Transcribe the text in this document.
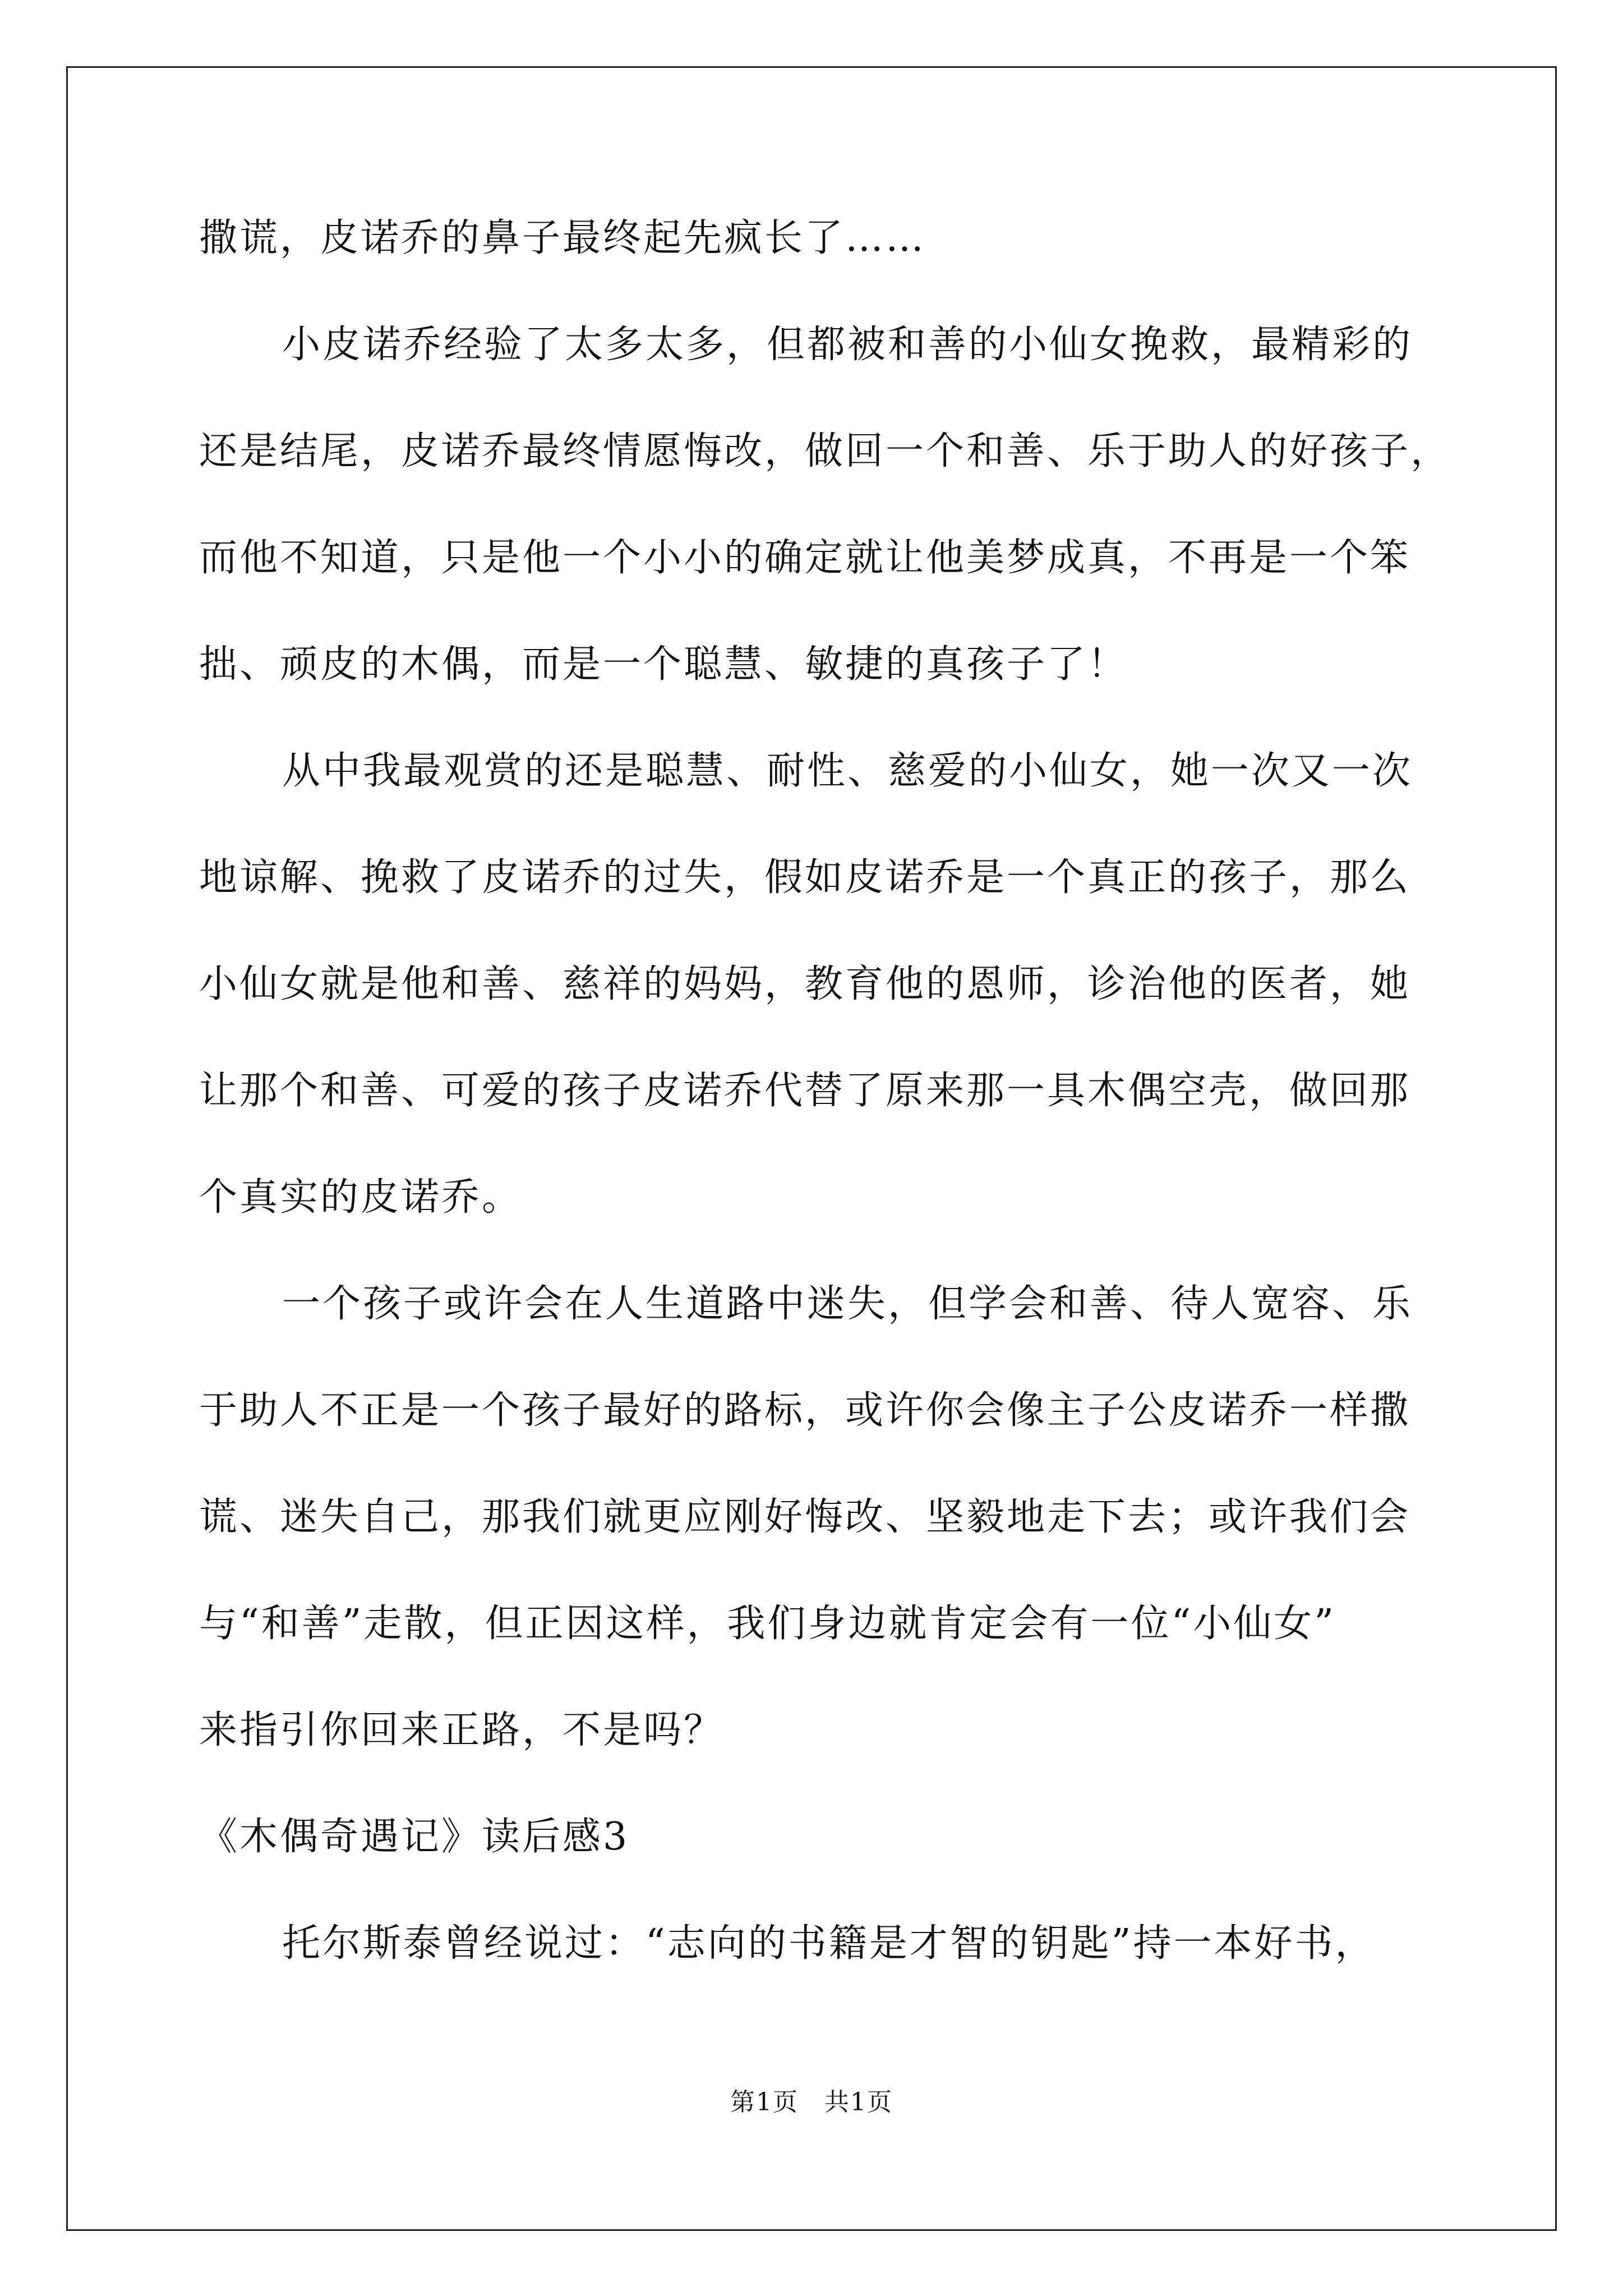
撒谎，皮诺乔的鼻子最终起先疯长了……
小皮诺乔经验了太多太多，但都被和善的小仙女挽救，最精彩的
还是结尾，皮诺乔最终情愿悔改，做回一个和善、乐于助人的好孩子，
而他不知道，只是他一个小小的确定就让他美梦成真，不再是一个笨
拙、顽皮的木偶，而是一个聪慧、敏捷的真孩子了！
从中我最观赏的还是聪慧、耐性、慈爱的小仙女，她一次又一次
地谅解、挽救了皮诺乔的过失，假如皮诺乔是一个真正的孩子，那么
小仙女就是他和善、慈祥的妈妈，教育他的恩师，诊治他的医者，她
让那个和善、可爱的孩子皮诺乔代替了原来那一具木偶空壳，做回那
个真实的皮诺乔。
一个孩子或许会在人生道路中迷失，但学会和善、待人宽容、乐
于助人不正是一个孩子最好的路标，或许你会像主子公皮诺乔一样撒
谎、迷失自己，那我们就更应刚好悔改、坚毅地走下去；或许我们会
与“和善”走散，但正因这样，我们身边就肯定会有一位“小仙女”
来指引你回来正路，不是吗？
《木偶奇遇记》读后感3
托尔斯泰曾经说过：“志向的书籍是才智的钥匙”持一本好书，
第1页　共1页
